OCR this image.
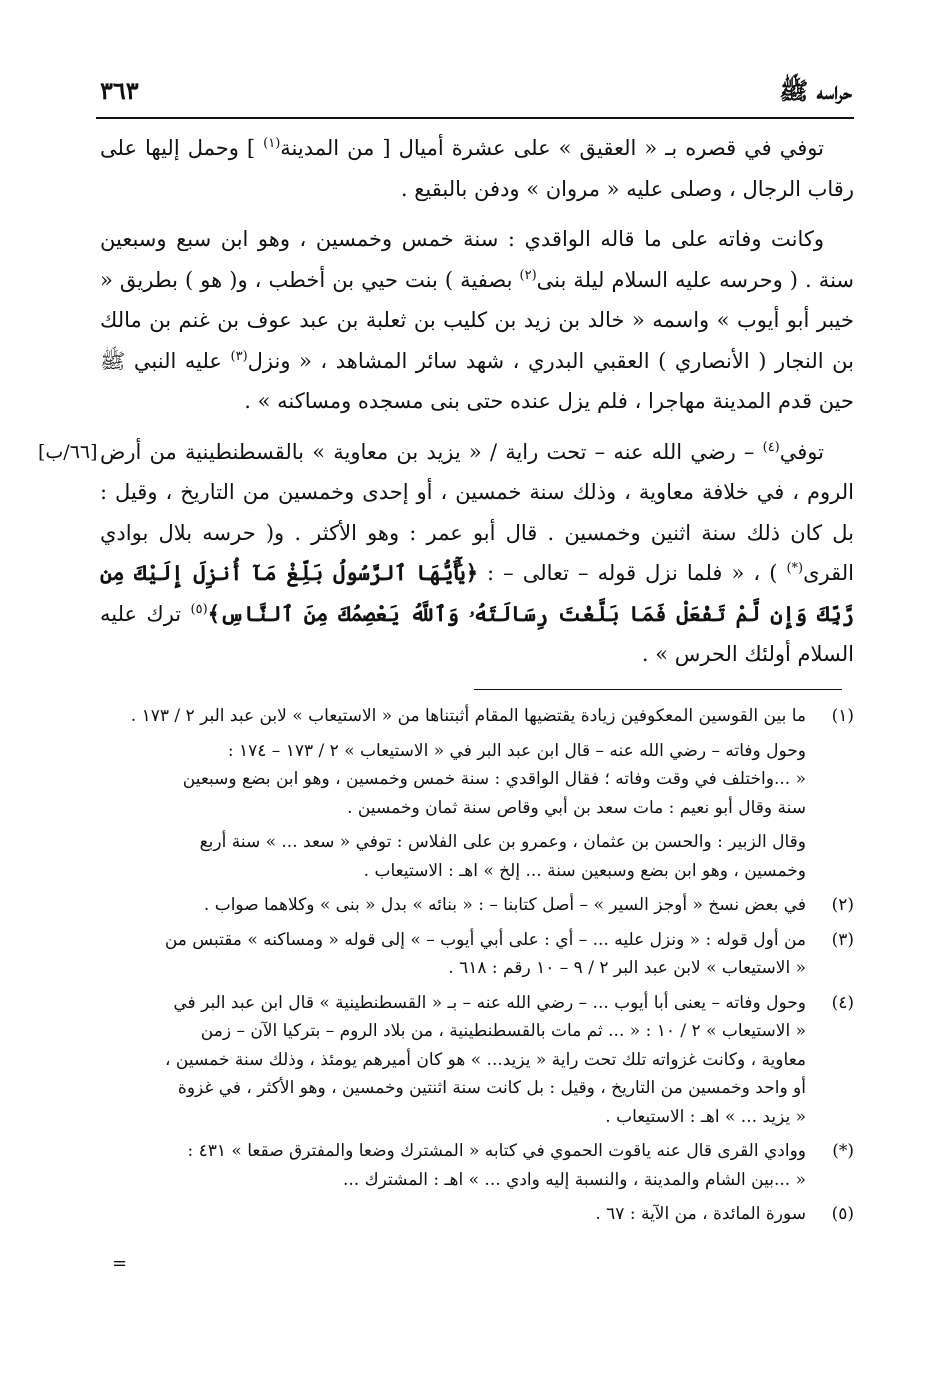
حراسه ﷺ
٣٦٣

توفي في قصره بـ « العقيق » على عشرة أميال [ من المدينة$^{(١)}$ ] وحمل إليها على رقاب الرجال ، وصلى عليه « مروان » ودفن بالبقيع .

وكانت وفاته على ما قاله الواقدي : سنة خمس وخمسين ، وهو ابن سبع وسبعين سنة . ( وحرسه عليه السلام ليلة بنى$^{(٢)}$ بصفية ) بنت حيي بن أخطب ، و( هو ) بطريق « خيبر أبو أيوب » واسمه « خالد بن زيد بن كليب بن ثعلبة بن عبد عوف بن غنم بن مالك بن النجار ( الأنصاري ) العقبي البدري ، شهد سائر المشاهد ، « ونزل$^{(٣)}$ عليه النبي ﷺ حين قدم المدينة مهاجرا ، فلم يزل عنده حتى بنى مسجده ومساكنه » .

[٦٦/ب]	توفي$^{(٤)}$ – رضي الله عنه – تحت راية / « يزيد بن معاوية » بالقسطنطينية من أرض الروم ، في خلافة معاوية ، وذلك سنة خمسين ، أو إحدى وخمسين من التاريخ ، وقيل : بل كان ذلك سنة اثنين وخمسين . قال أبو عمر : وهو الأكثر . و( حرسه بلال بوادي القرى(*) ) ، « فلما نزل قوله – تعالى – : ﴿يَٰٓأَيُّهَا ٱلرَّسُولُ بَلِّغْ مَآ أُنزِلَ إِلَيْكَ مِن رَّبِّكَ وَإِن لَّمْ تَفْعَلْ فَمَا بَلَّغْتَ رِسَالَتَهُۥ وَٱللَّهُ يَعْصِمُكَ مِنَ ٱلنَّاسِ﴾$^{(٥)}$ ترك عليه السلام أولئك الحرس » .

(١)
ما بين القوسين المعكوفين زيادة يقتضيها المقام أثبتناها من « الاستيعاب » لابن عبد البر ٢ / ١٧٣ .
وحول وفاته – رضي الله عنه – قال ابن عبد البر في « الاستيعاب » ٢ / ١٧٣ – ١٧٤ :
« ...واختلف في وقت وفاته ؛ فقال الواقدي : سنة خمس وخمسين ، وهو ابن بضع وسبعين
سنة وقال أبو نعيم : مات سعد بن أبي وقاص سنة ثمان وخمسين .
وقال الزبير : والحسن بن عثمان ، وعمرو بن على الفلاس : توفي « سعد ... » سنة أربع
وخمسين ، وهو ابن بضع وسبعين سنة ... إلخ » اهـ : الاستيعاب .
(٢)
في بعض نسخ « أوجز السير » – أصل كتابنا – : « بنائه » بدل « بنى » وكلاهما صواب .
(٣)
من أول قوله : « ونزل عليه ... – أي : على أبي أيوب – » إلى قوله « ومساكنه » مقتبس من
« الاستيعاب » لابن عبد البر ٢ / ٩ – ١٠ رقم : ٦١٨ .
(٤)
وحول وفاته – يعنى أبا أيوب ... – رضي الله عنه – بـ « القسطنطينية » قال ابن عبد البر في
« الاستيعاب » ٢ / ١٠ : « ... ثم مات بالقسطنطينية ، من بلاد الروم – بتركيا الآن – زمن
معاوية ، وكانت غزواته تلك تحت راية « يزيد... » هو كان أميرهم يومئذ ، وذلك سنة خمسين ،
أو واحد وخمسين من التاريخ ، وقيل : بل كانت سنة اثنتين وخمسين ، وهو الأكثر ، في غزوة
« يزيد ... » اهـ : الاستيعاب .
(*)
ووادي القرى قال عنه ياقوت الحموي في كتابه « المشترك وضعا والمفترق صقعا » ٤٣١ :
« ...بين الشام والمدينة ، والنسبة إليه وادي ... » اهـ : المشترك ...
(٥)
سورة المائدة ، من الآية : ٦٧ .
=
